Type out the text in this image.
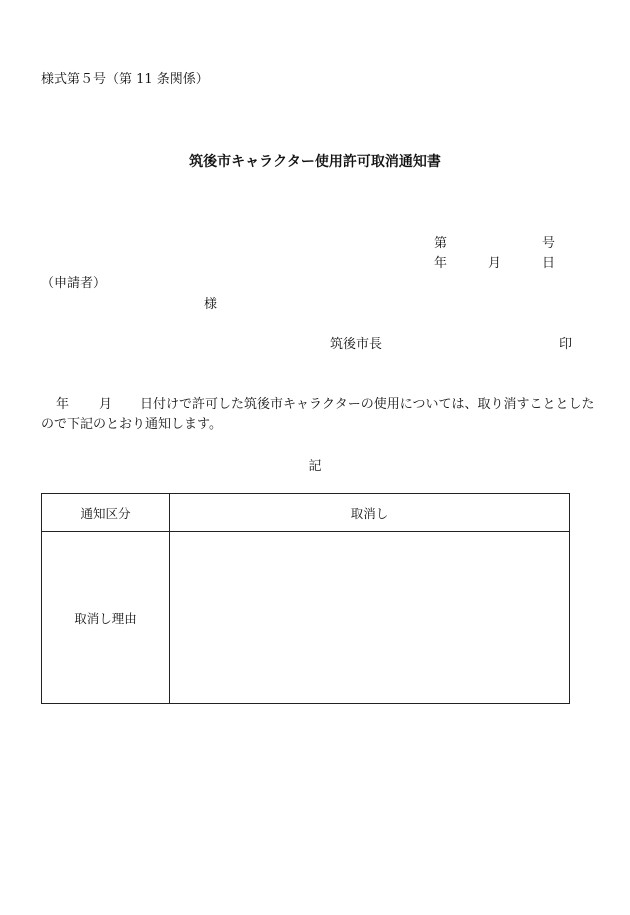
様式第５号（第 11 条関係）
筑後市キャラクター使用許可取消通知書
第	号
年	月	日
（申請者）
様
筑後市長	印
年 月 日付けで許可した筑後市キャラクターの使用については、取り消すこととしたので下記のとおり通知します。
記
通知区分	取消し
取消し理由	
